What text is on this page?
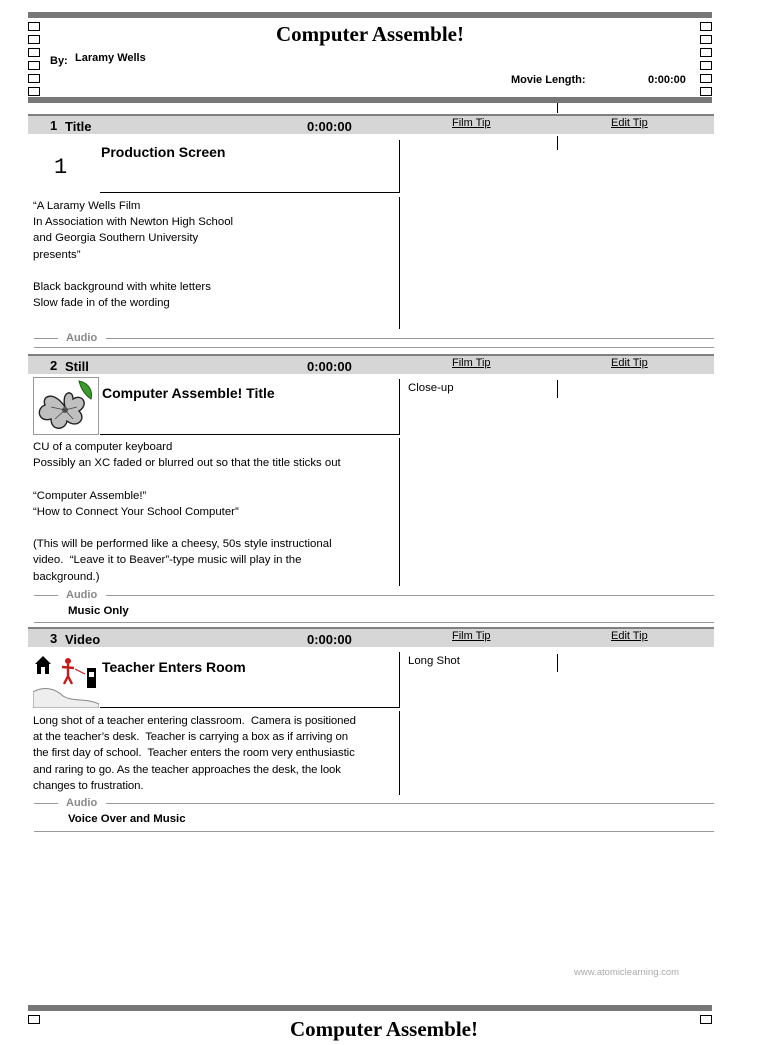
Computer Assemble!
By: Laramy Wells
Movie Length:	0:00:00
1 Title	0:00:00	Film Tip	Edit Tip
1
Production Screen
“A Laramy Wells Film
In Association with Newton High School
and Georgia Southern University
presents”

Black background with white letters
Slow fade in of the wording
Audio
2 Still	0:00:00	Film Tip	Edit Tip
Computer Assemble! Title	Close-up
CU of a computer keyboard
Possibly an XC faded or blurred out so that the title sticks out

“Computer Assemble!”
“How to Connect Your School Computer”

(This will be performed like a cheesy, 50s style instructional
video.  “Leave it to Beaver”-type music will play in the
background.)
Audio
Music Only
3 Video	0:00:00	Film Tip	Edit Tip
Teacher Enters Room	Long Shot
Long shot of a teacher entering classroom.  Camera is positioned
at the teacher’s desk.  Teacher is carrying a box as if arriving on
the first day of school.  Teacher enters the room very enthusiastic
and raring to go. As the teacher approaches the desk, the look
changes to frustration.
Audio
Voice Over and Music
www.atomiclearning.com
Computer Assemble!
